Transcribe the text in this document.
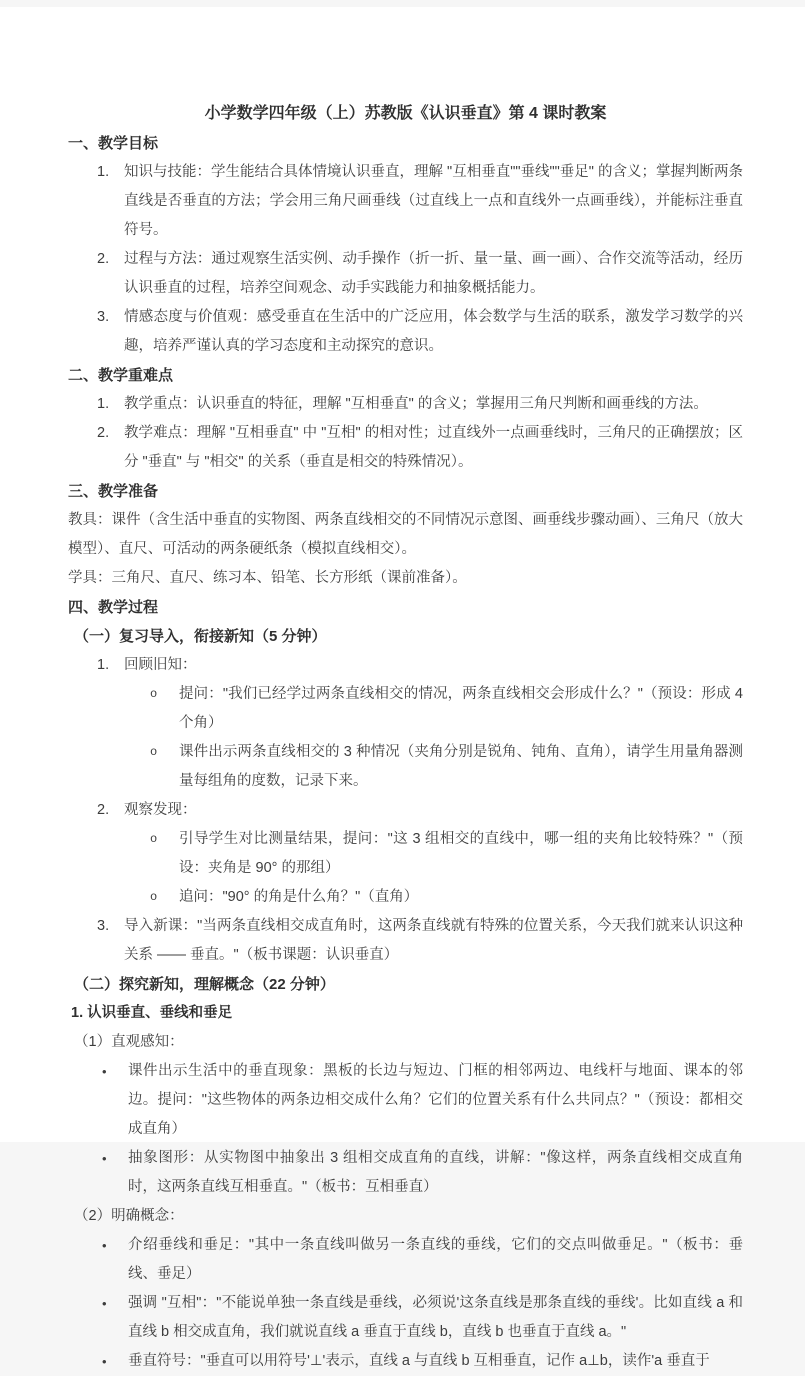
小学数学四年级（上）苏教版《认识垂直》第 4 课时教案
一、教学目标
1.	知识与技能：学生能结合具体情境认识垂直，理解 "互相垂直""垂线""垂足" 的含义；掌握判断两条直线是否垂直的方法；学会用三角尺画垂线（过直线上一点和直线外一点画垂线），并能标注垂直符号。
2.	过程与方法：通过观察生活实例、动手操作（折一折、量一量、画一画）、合作交流等活动，经历认识垂直的过程，培养空间观念、动手实践能力和抽象概括能力。
3.	情感态度与价值观：感受垂直在生活中的广泛应用，体会数学与生活的联系，激发学习数学的兴趣，培养严谨认真的学习态度和主动探究的意识。
二、教学重难点
1.	教学重点：认识垂直的特征，理解 "互相垂直" 的含义；掌握用三角尺判断和画垂线的方法。
2.	教学难点：理解 "互相垂直" 中 "互相" 的相对性；过直线外一点画垂线时，三角尺的正确摆放；区分 "垂直" 与 "相交" 的关系（垂直是相交的特殊情况）。
三、教学准备

教具：课件（含生活中垂直的实物图、两条直线相交的不同情况示意图、画垂线步骤动画）、三角尺（放大模型）、直尺、可活动的两条硬纸条（模拟直线相交）。

学具：三角尺、直尺、练习本、铅笔、长方形纸（课前准备）。

四、教学过程
（一）复习导入，衔接新知（5 分钟）
1.	回顾旧知：
o	提问："我们已经学过两条直线相交的情况，两条直线相交会形成什么？"（预设：形成 4 个角）
o	课件出示两条直线相交的 3 种情况（夹角分别是锐角、钝角、直角），请学生用量角器测量每组角的度数，记录下来。
2.	观察发现：
o	引导学生对比测量结果，提问："这 3 组相交的直线中，哪一组的夹角比较特殊？"（预设：夹角是 90° 的那组）
o	追问："90° 的角是什么角？"（直角）
3.	导入新课："当两条直线相交成直角时，这两条直线就有特殊的位置关系，今天我们就来认识这种关系 —— 垂直。"（板书课题：认识垂直）
（二）探究新知，理解概念（22 分钟）
1. 认识垂直、垂线和垂足

（1）直观感知：

•	课件出示生活中的垂直现象：黑板的长边与短边、门框的相邻两边、电线杆与地面、课本的邻边。提问："这些物体的两条边相交成什么角？它们的位置关系有什么共同点？"（预设：都相交成直角）
•	抽象图形：从实物图中抽象出 3 组相交成直角的直线，讲解："像这样，两条直线相交成直角时，这两条直线互相垂直。"（板书：互相垂直）

（2）明确概念：

•	介绍垂线和垂足："其中一条直线叫做另一条直线的垂线，它们的交点叫做垂足。"（板书：垂线、垂足）
•	强调 "互相"："不能说单独一条直线是垂线，必须说'这条直线是那条直线的垂线'。比如直线 a 和直线 b 相交成直角，我们就说直线 a 垂直于直线 b，直线 b 也垂直于直线 a。"
•	垂直符号："垂直可以用符号'⊥'表示，直线 a 与直线 b 互相垂直，记作 a⊥b，读作'a 垂直于
